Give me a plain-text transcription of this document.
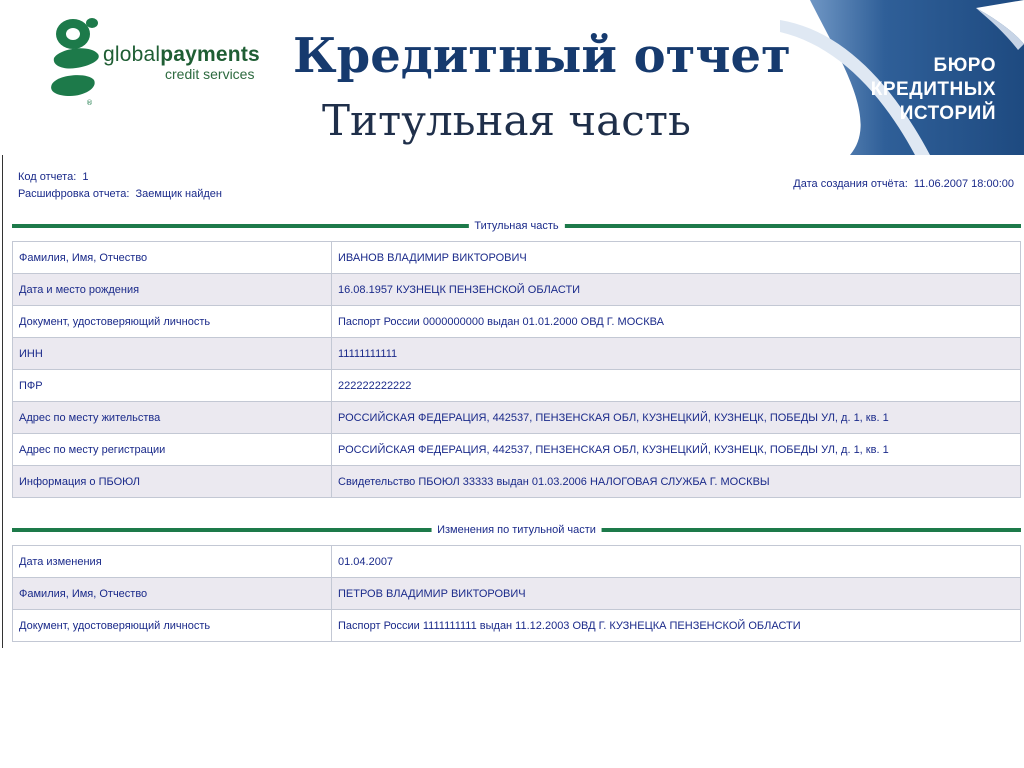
®
globalpayments
credit services Кредитный отчет
Титульная часть
БЮРО
КРЕДИТНЫХ
ИСТОРИЙ
Код отчета: 1
Расшифровка отчета: Заемщик найден
Дата создания отчёта: 11.06.2007 18:00:00
Титульная часть
Фамилия, Имя, Отчество	ИВАНОВ ВЛАДИМИР ВИКТОРОВИЧ
Дата и место рождения	16.08.1957 КУЗНЕЦК ПЕНЗЕНСКОЙ ОБЛАСТИ
Документ, удостоверяющий личность	Паспорт России 0000000000 выдан 01.01.2000 ОВД Г. МОСКВА
ИНН	11111111111
ПФР	222222222222
Адрес по месту жительства	РОССИЙСКАЯ ФЕДЕРАЦИЯ, 442537, ПЕНЗЕНСКАЯ ОБЛ, КУЗНЕЦКИЙ, КУЗНЕЦК, ПОБЕДЫ УЛ, д. 1, кв. 1
Адрес по месту регистрации	РОССИЙСКАЯ ФЕДЕРАЦИЯ, 442537, ПЕНЗЕНСКАЯ ОБЛ, КУЗНЕЦКИЙ, КУЗНЕЦК, ПОБЕДЫ УЛ, д. 1, кв. 1
Информация о ПБОЮЛ	Свидетельство ПБОЮЛ 33333 выдан 01.03.2006 НАЛОГОВАЯ СЛУЖБА Г. МОСКВЫ
Изменения по титульной части
Дата изменения	01.04.2007
Фамилия, Имя, Отчество	ПЕТРОВ ВЛАДИМИР ВИКТОРОВИЧ
Документ, удостоверяющий личность	Паспорт России 1111111111 выдан 11.12.2003 ОВД Г. КУЗНЕЦКА ПЕНЗЕНСКОЙ ОБЛАСТИ
